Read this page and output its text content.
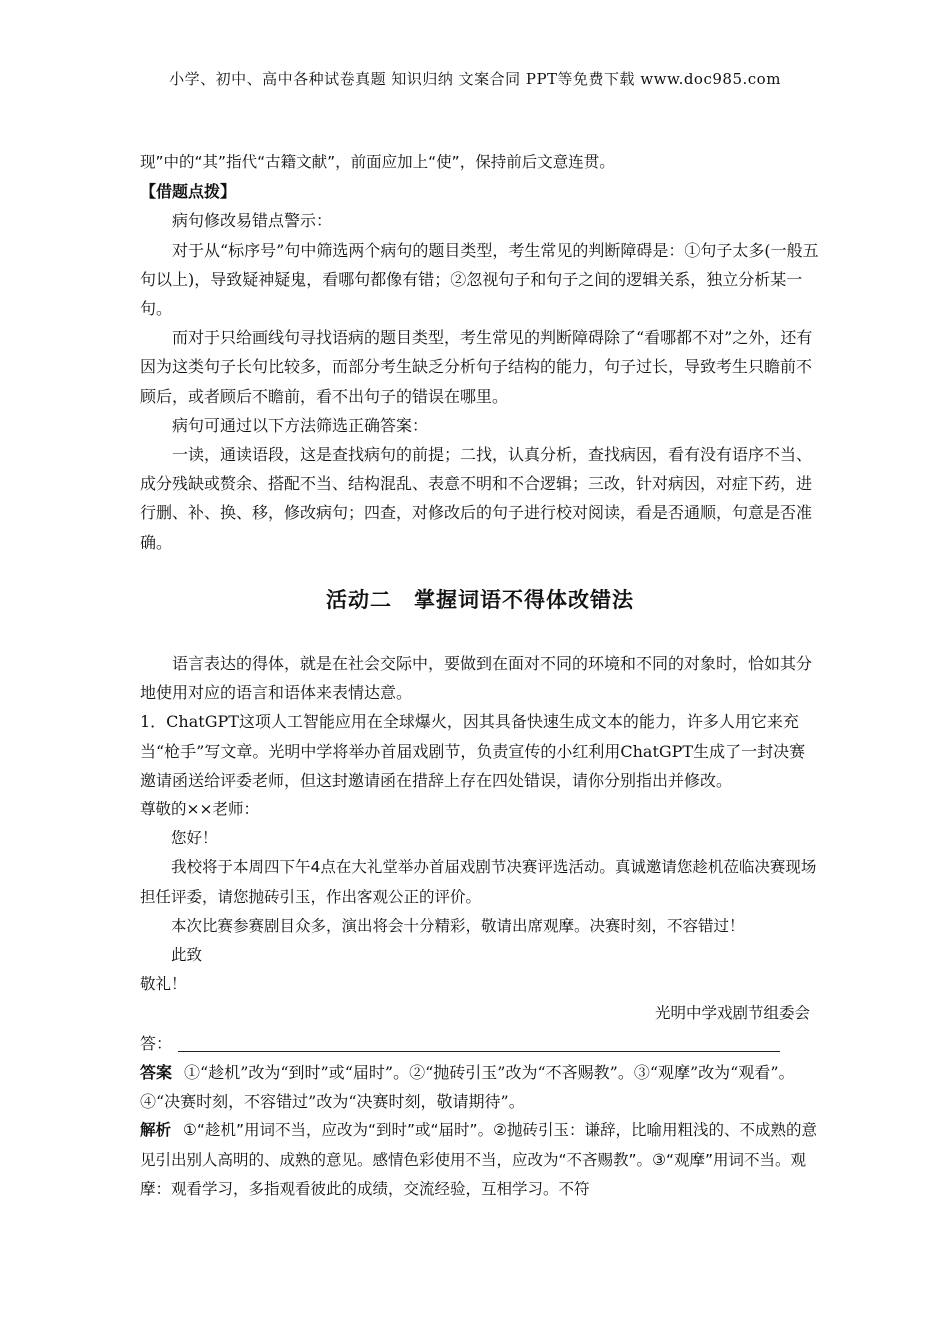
小学、初中、高中各种试卷真题 知识归纳 文案合同 PPT等免费下载 www.doc985.com

现”中的“其”指代“古籍文献”，前面应加上“使”，保持前后文意连贯。

【借题点拨】

病句修改易错点警示：

对于从“标序号”句中筛选两个病句的题目类型，考生常见的判断障碍是：①句子太多(一般五句以上)，导致疑神疑鬼，看哪句都像有错；②忽视句子和句子之间的逻辑关系，独立分析某一句。

而对于只给画线句寻找语病的题目类型，考生常见的判断障碍除了“看哪都不对”之外，还有因为这类句子长句比较多，而部分考生缺乏分析句子结构的能力，句子过长，导致考生只瞻前不顾后，或者顾后不瞻前，看不出句子的错误在哪里。

病句可通过以下方法筛选正确答案：

一读，通读语段，这是查找病句的前提；二找，认真分析，查找病因，看有没有语序不当、成分残缺或赘余、搭配不当、结构混乱、表意不明和不合逻辑；三改，针对病因，对症下药，进行删、补、换、移，修改病句；四查，对修改后的句子进行校对阅读，看是否通顺，句意是否准确。

活动二　掌握词语不得体改错法

语言表达的得体，就是在社会交际中，要做到在面对不同的环境和不同的对象时，恰如其分地使用对应的语言和语体来表情达意。

1．ChatGPT这项人工智能应用在全球爆火，因其具备快速生成文本的能力，许多人用它来充当“枪手”写文章。光明中学将举办首届戏剧节，负责宣传的小红利用ChatGPT生成了一封决赛邀请函送给评委老师，但这封邀请函在措辞上存在四处错误，请你分别指出并修改。

尊敬的××老师：

您好！

我校将于本周四下午4点在大礼堂举办首届戏剧节决赛评选活动。真诚邀请您趁机莅临决赛现场担任评委，请您抛砖引玉，作出客观公正的评价。

本次比赛参赛剧目众多，演出将会十分精彩，敬请出席观摩。决赛时刻，不容错过！

此致

敬礼！

光明中学戏剧节组委会

答：

答案 ①“趁机”改为“到时”或“届时”。②“抛砖引玉”改为“不吝赐教”。③“观摩”改为“观看”。④“决赛时刻，不容错过”改为“决赛时刻，敬请期待”。

解析 ①“趁机”用词不当，应改为“到时”或“届时”。②抛砖引玉：谦辞，比喻用粗浅的、不成熟的意见引出别人高明的、成熟的意见。感情色彩使用不当，应改为“不吝赐教”。③“观摩”用词不当。观摩：观看学习，多指观看彼此的成绩，交流经验，互相学习。不符
